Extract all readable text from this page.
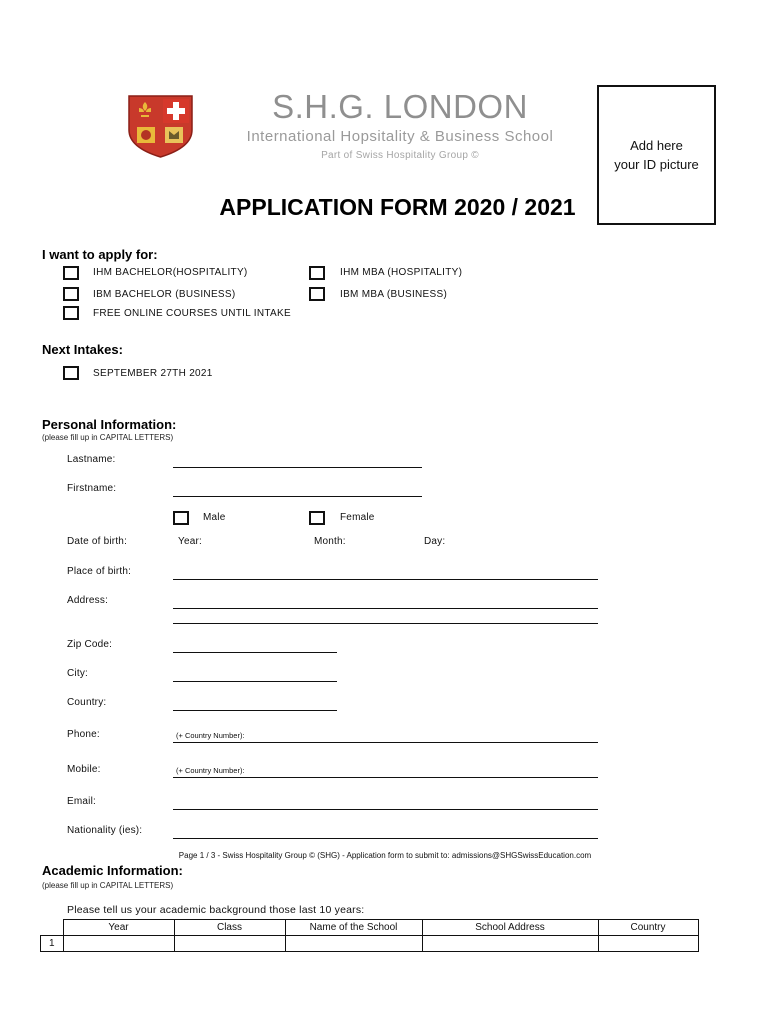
S.H.G. LONDON
International Hopsitality & Business School
Part of Swiss Hospitality Group ©
Add here
your ID picture
APPLICATION FORM 2020 / 2021
I want to apply for:
IHM BACHELOR(HOSPITALITY)	IHM MBA (HOSPITALITY)
IBM BACHELOR (BUSINESS)	IBM MBA (BUSINESS)
FREE ONLINE COURSES UNTIL INTAKE
Next Intakes:
SEPTEMBER 27TH 2021
Personal Information:
(please fill up in CAPITAL LETTERS)
Lastname:
Firstname:
Male	Female
Date of birth:	Year:	Month:	Day:
Place of birth:
Address:
Zip Code:
City:
Country:
Phone:	(+ Country Number):
Mobile:	(+ Country Number):
Email:
Nationality (ies):
Page 1 / 3 - Swiss Hospitality Group © (SHG) - Application form to submit to: admissions@SHGSwissEducation.com
Academic Information:
(please fill up in CAPITAL LETTERS)
Please tell us your academic background those last 10 years:
	Year	Class	Name of the School	School Address	Country
1					
